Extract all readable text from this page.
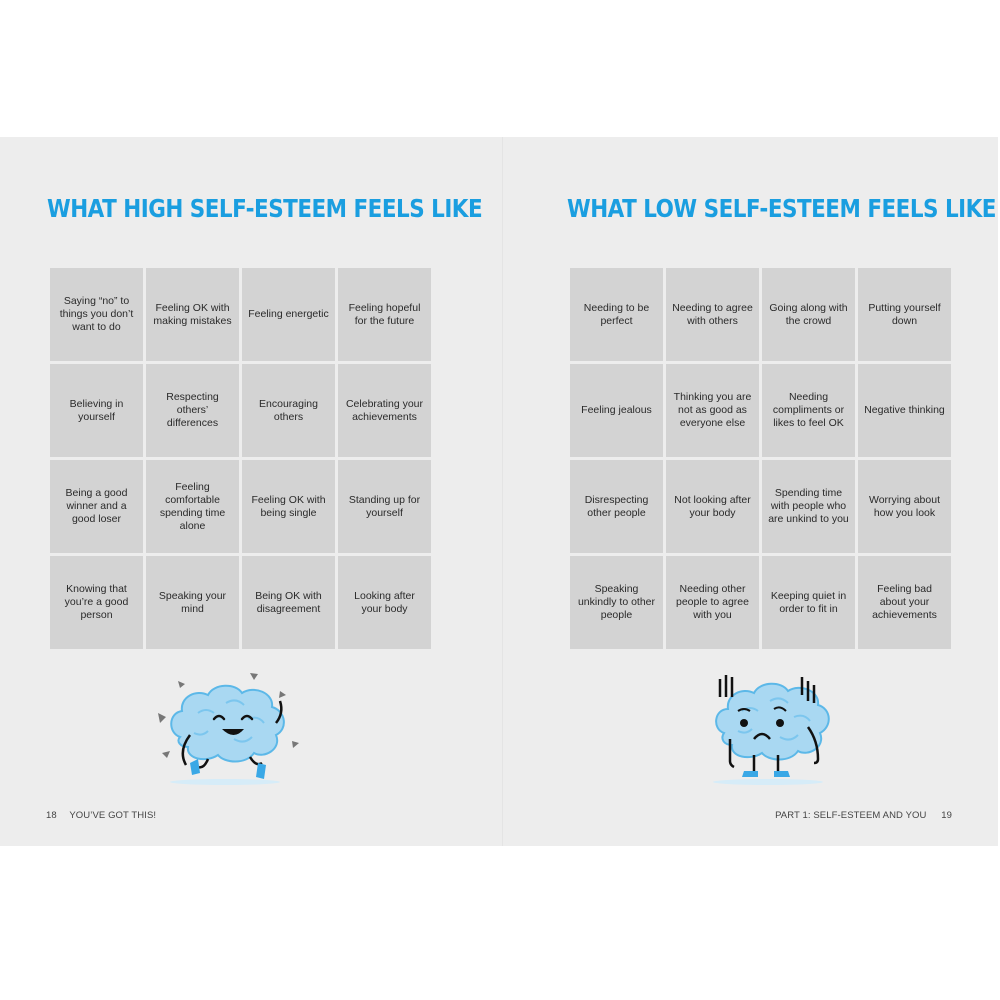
WHAT HIGH SELF-ESTEEM FEELS LIKE
Saying “no” to things you don’t want to do
Feeling OK with making mistakes
Feeling energetic
Feeling hopeful for the future
Believing in yourself
Respecting others’ differences
Encouraging others
Celebrating your achievements
Being a good winner and a good loser
Feeling comfortable spending time alone
Feeling OK with being single
Standing up for yourself
Knowing that you’re a good person
Speaking your mind
Being OK with disagreement
Looking after your body
18 YOU’VE GOT THIS!
WHAT LOW SELF-ESTEEM FEELS LIKE
Needing to be perfect
Needing to agree with others
Going along with the crowd
Putting yourself down
Feeling jealous
Thinking you are not as good as everyone else
Needing compliments or likes to feel OK
Negative thinking
Disrespecting other people
Not looking after your body
Spending time with people who are unkind to you
Worrying about how you look
Speaking unkindly to other people
Needing other people to agree with you
Keeping quiet in order to fit in
Feeling bad about your achievements
PART 1: SELF-ESTEEM AND YOU 19
